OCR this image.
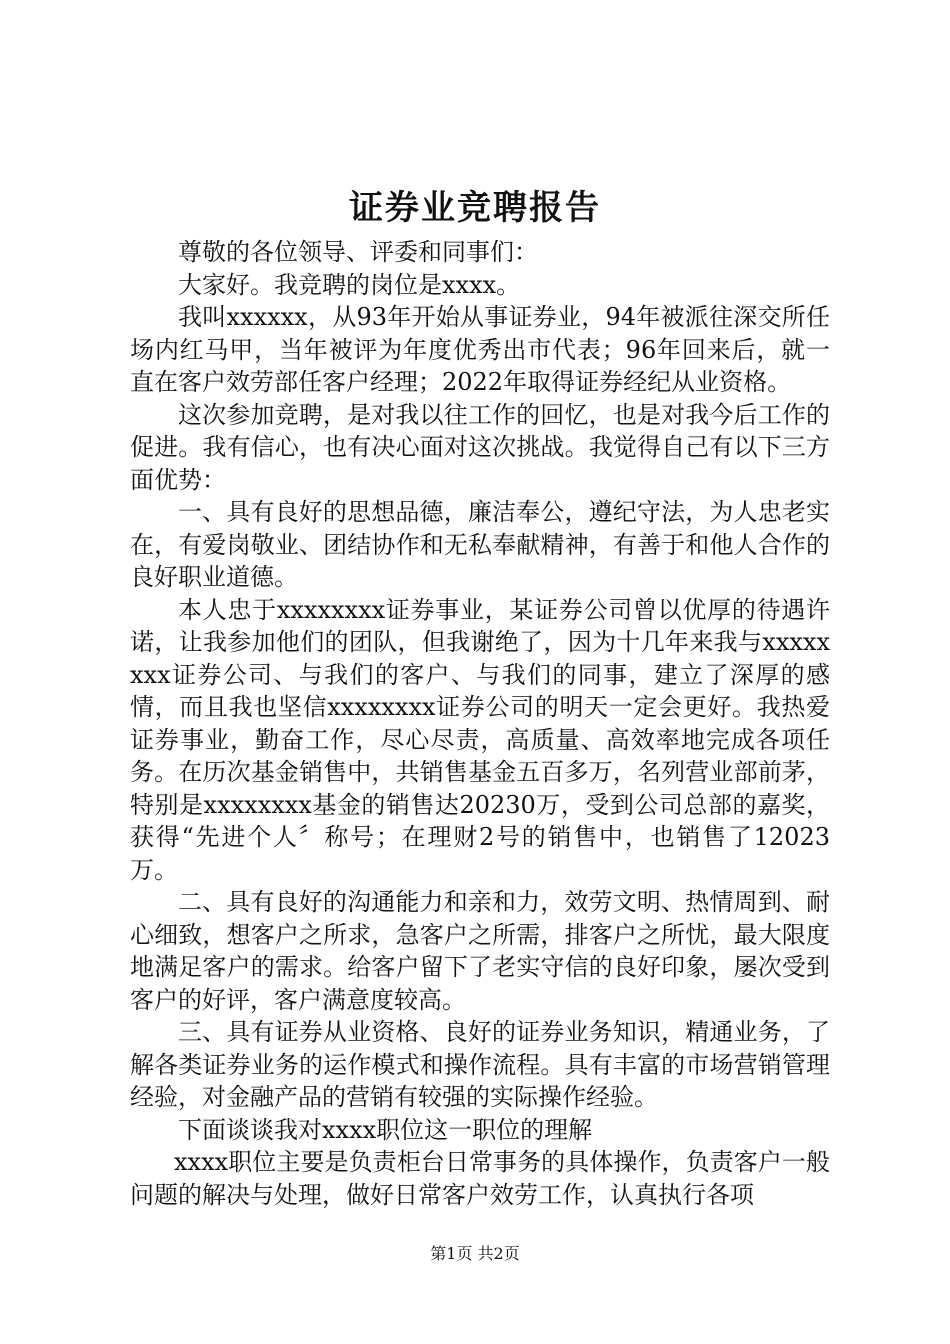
证券业竞聘报告

尊敬的各位领导、评委和同事们：

大家好。我竞聘的岗位是xxxx。

我叫xxxxxx，从93年开始从事证券业，94年被派往深交所任场内红马甲，当年被评为年度优秀出市代表；96年回来后，就一直在客户效劳部任客户经理；2022年取得证券经纪从业资格。

这次参加竞聘，是对我以往工作的回忆，也是对我今后工作的促进。我有信心，也有决心面对这次挑战。我觉得自己有以下三方面优势：

一、具有良好的思想品德，廉洁奉公，遵纪守法，为人忠老实在，有爱岗敬业、团结协作和无私奉献精神，有善于和他人合作的良好职业道德。

本人忠于xxxxxxxx证券事业，某证券公司曾以优厚的待遇许诺，让我参加他们的团队，但我谢绝了，因为十几年来我与xxxxxxxx证券公司、与我们的客户、与我们的同事，建立了深厚的感情，而且我也坚信xxxxxxxx证券公司的明天一定会更好。我热爱证券事业，勤奋工作，尽心尽责，高质量、高效率地完成各项任务。在历次基金销售中，共销售基金五百多万，名列营业部前茅，特别是xxxxxxxx基金的销售达20230万，受到公司总部的嘉奖，获得“先进个人〞称号；在理财2号的销售中，也销售了12023万。

二、具有良好的沟通能力和亲和力，效劳文明、热情周到、耐心细致，想客户之所求，急客户之所需，排客户之所忧，最大限度地满足客户的需求。给客户留下了老实守信的良好印象，屡次受到客户的好评，客户满意度较高。

三、具有证券从业资格、良好的证券业务知识，精通业务，了解各类证券业务的运作模式和操作流程。具有丰富的市场营销管理经验，对金融产品的营销有较强的实际操作经验。

下面谈谈我对xxxx职位这一职位的理解

xxxx职位主要是负责柜台日常事务的具体操作，负责客户一般问题的解决与处理，做好日常客户效劳工作，认真执行各项

第1页 共2页
